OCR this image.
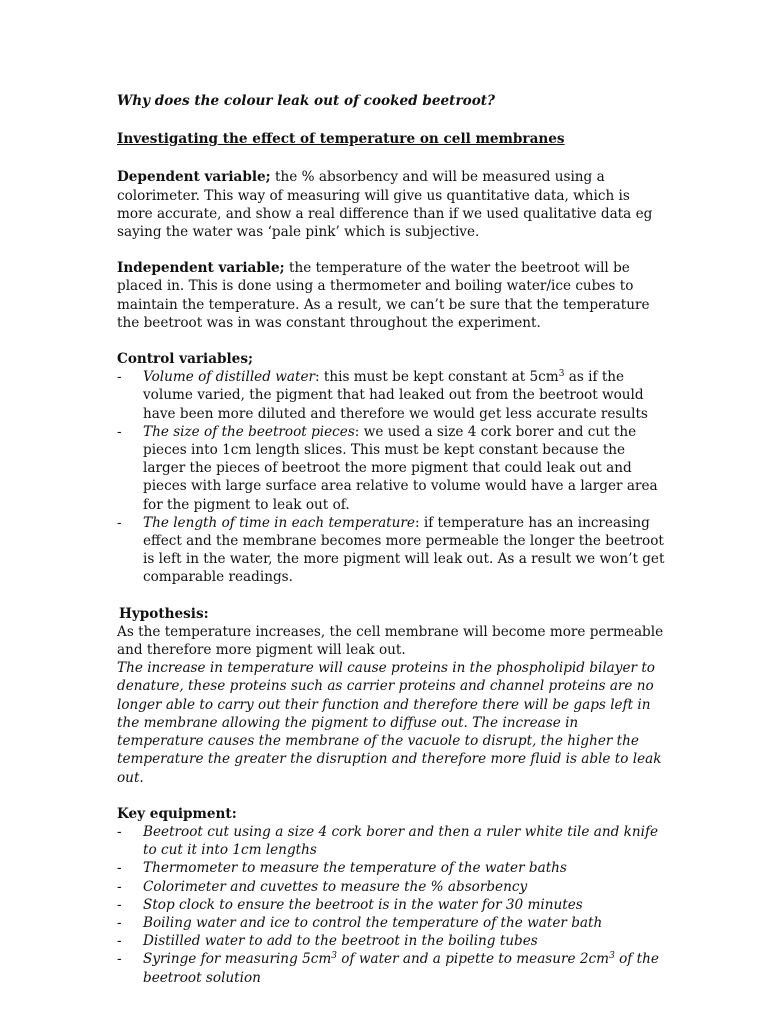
Why does the colour leak out of cooked beetroot?

Investigating the effect of temperature on cell membranes

Dependent variable; the % absorbency and will be measured using a colorimeter. This way of measuring will give us quantitative data, which is more accurate, and show a real difference than if we used qualitative data eg saying the water was ‘pale pink’ which is subjective.

Independent variable; the temperature of the water the beetroot will be placed in. This is done using a thermometer and boiling water/ice cubes to maintain the temperature. As a result, we can’t be sure that the temperature the beetroot was in was constant throughout the experiment.

Control variables;

- Volume of distilled water: this must be kept constant at $5cm^3$ as if the volume varied, the pigment that had leaked out from the beetroot would have been more diluted and therefore we would get less accurate results
- The size of the beetroot pieces: we used a size 4 cork borer and cut the pieces into 1cm length slices. This must be kept constant because the larger the pieces of beetroot the more pigment that could leak out and pieces with large surface area relative to volume would have a larger area for the pigment to leak out of.
- The length of time in each temperature: if temperature has an increasing effect and the membrane becomes more permeable the longer the beetroot is left in the water, the more pigment will leak out. As a result we won’t get comparable readings.

Hypothesis:

As the temperature increases, the cell membrane will become more permeable and therefore more pigment will leak out.

The increase in temperature will cause proteins in the phospholipid bilayer to denature, these proteins such as carrier proteins and channel proteins are no longer able to carry out their function and therefore there will be gaps left in the membrane allowing the pigment to diffuse out. The increase in temperature causes the membrane of the vacuole to disrupt, the higher the temperature the greater the disruption and therefore more fluid is able to leak out.

Key equipment:

- Beetroot cut using a size 4 cork borer and then a ruler white tile and knife to cut it into 1cm lengths
- Thermometer to measure the temperature of the water baths
- Colorimeter and cuvettes to measure the % absorbency
- Stop clock to ensure the beetroot is in the water for 30 minutes
- Boiling water and ice to control the temperature of the water bath
- Distilled water to add to the beetroot in the boiling tubes
- Syringe for measuring $5cm^3$ of water and a pipette to measure $2cm^3$ of the beetroot solution
